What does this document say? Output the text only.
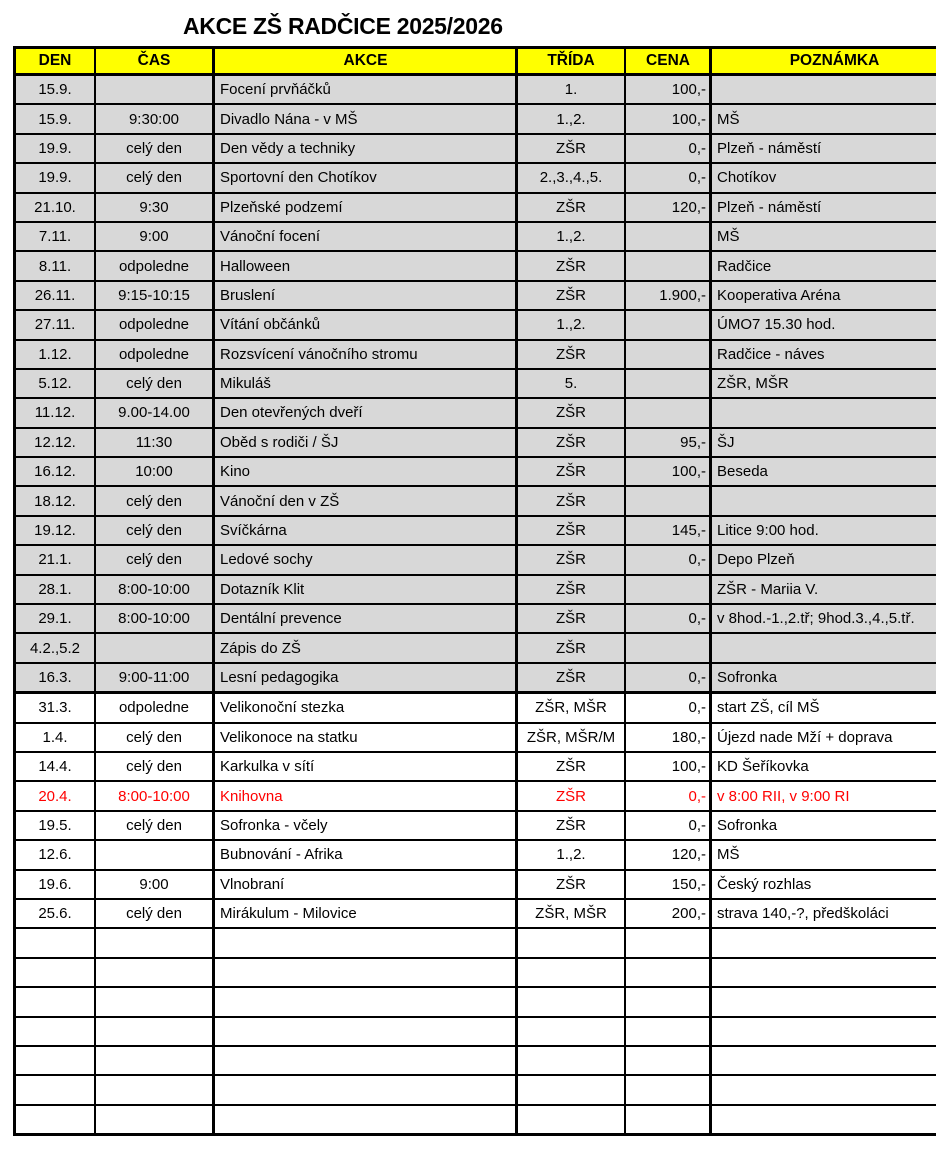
AKCE ZŠ RADČICE 2025/2026
DEN	ČAS	AKCE	TŘÍDA	CENA	POZNÁMKA
15.9.		Focení prvňáčků	1.	100,-	
15.9.	9:30:00	Divadlo Nána - v MŠ	1.,2.	100,-	MŠ
19.9.	celý den	Den vědy a techniky	ZŠR	0,-	Plzeň - náměstí
19.9.	celý den	Sportovní den Chotíkov	2.,3.,4.,5.	0,-	Chotíkov
21.10.	9:30	Plzeňské podzemí	ZŠR	120,-	Plzeň - náměstí
7.11.	9:00	Vánoční focení	1.,2.		MŠ
8.11.	odpoledne	Halloween	ZŠR		Radčice
26.11.	9:15-10:15	Bruslení	ZŠR	1.900,-	Kooperativa Aréna
27.11.	odpoledne	Vítání občánků	1.,2.		ÚMO7 15.30 hod.
1.12.	odpoledne	Rozsvícení vánočního stromu	ZŠR		Radčice - náves
5.12.	celý den	Mikuláš	5.		ZŠR, MŠR
11.12.	9.00-14.00	Den otevřených dveří	ZŠR		
12.12.	11:30	Oběd s rodiči / ŠJ	ZŠR	95,-	ŠJ
16.12.	10:00	Kino	ZŠR	100,-	Beseda
18.12.	celý den	Vánoční den v ZŠ	ZŠR		
19.12.	celý den	Svíčkárna	ZŠR	145,-	Litice 9:00 hod.
21.1.	celý den	Ledové sochy	ZŠR	0,-	Depo Plzeň
28.1.	8:00-10:00	Dotazník Klit	ZŠR		ZŠR - Mariia V.
29.1.	8:00-10:00	Dentální prevence	ZŠR	0,-	v 8hod.-1.,2.tř; 9hod.3.,4.,5.tř.
4.2.,5.2		Zápis do ZŠ	ZŠR		
16.3.	9:00-11:00	Lesní pedagogika	ZŠR	0,-	Sofronka
31.3.	odpoledne	Velikonoční stezka	ZŠR, MŠR	0,-	start ZŠ, cíl MŠ
1.4.	celý den	Velikonoce na statku	ZŠR, MŠR/M	180,-	Újezd nade Mží + doprava
14.4.	celý den	Karkulka v sítí	ZŠR	100,-	KD Šeříkovka
20.4.	8:00-10:00	Knihovna	ZŠR	0,-	v 8:00 RII, v 9:00 RI
19.5.	celý den	Sofronka - včely	ZŠR	0,-	Sofronka
12.6.		Bubnování - Afrika	1.,2.	120,-	MŠ
19.6.	9:00	Vlnobraní	ZŠR	150,-	Český rozhlas
25.6.	celý den	Mirákulum - Milovice	ZŠR, MŠR	200,-	strava 140,-?, předškoláci
